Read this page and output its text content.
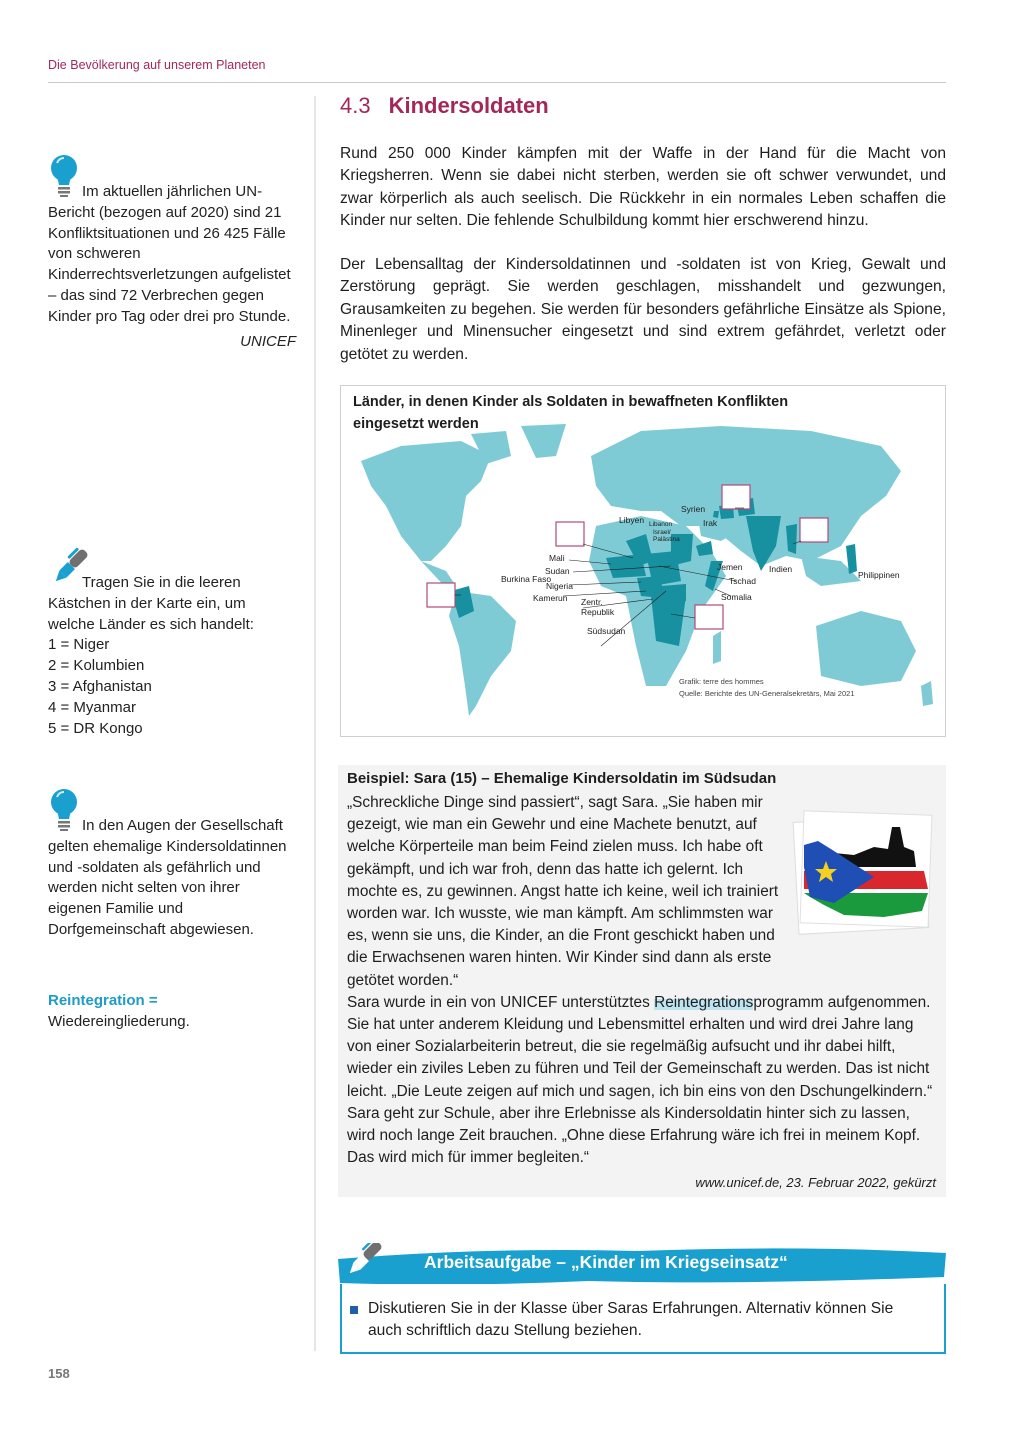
Die Bevölkerung auf unserem Planeten
4.3 Kindersoldaten

Im aktuellen jährlichen UN-Bericht (bezogen auf 2020) sind 21 Konfliktsituationen und 26 425 Fälle von schweren Kinderrechtsverletzungen aufgelistet – das sind 72 Verbrechen gegen Kinder pro Tag oder drei pro Stunde.

UNICEF

Tragen Sie in die leeren Kästchen in der Karte ein, um welche Länder es sich handelt:

1 = Niger

2 = Kolumbien

3 = Afghanistan

4 = Myanmar

5 = DR Kongo

In den Augen der Gesellschaft gelten ehemalige Kindersoldatinnen und -soldaten als gefährlich und werden nicht selten von ihrer eigenen Familie und Dorfgemeinschaft abgewiesen.

Reintegration = Wiedereingliederung.

Rund 250 000 Kinder kämpfen mit der Waffe in der Hand für die Macht von Kriegsherren. Wenn sie dabei nicht sterben, werden sie oft schwer verwundet, und zwar körperlich als auch seelisch. Die Rückkehr in ein normales Leben schaffen die Kinder nur selten. Die fehlende Schulbildung kommt hier erschwerend hinzu.

Der Lebensalltag der Kindersoldatinnen und -soldaten ist von Krieg, Gewalt und Zerstörung geprägt. Sie werden geschlagen, misshandelt und gezwungen, Grausamkeiten zu begehen. Sie werden für besonders gefährliche Einsätze als Spione, Minenleger und Minensucher eingesetzt und sind extrem gefährdet, verletzt oder getötet zu werden.

Syrien
Libyen Libanon
Israel/
Palästina
Irak
Mali
Sudan
Burkina Faso
Nigeria
Kamerun Zentr.
Republik
Südsudan
Jemen
Tschad
Somalia
Indien
Philippinen
Grafik: terre des hommes
Quelle: Berichte des UN-Generalsekretärs, Mai 2021
Länder, in denen Kinder als Soldaten in bewaffneten Konflikten
eingesetzt werden
Beispiel: Sara (15) – Ehemalige Kindersoldatin im Südsudan

„Schreckliche Dinge sind passiert“, sagt Sara. „Sie haben mir gezeigt, wie man ein Gewehr und eine Machete benutzt, auf welche Körperteile man beim Feind zielen muss. Ich habe oft gekämpft, und ich war froh, denn das hatte ich gelernt. Ich mochte es, zu gewinnen. Angst hatte ich keine, weil ich trainiert worden war. Ich wusste, wie man kämpft. Am schlimmsten war es, wenn sie uns, die Kinder, an die Front geschickt haben und die Erwachsenen waren hinten. Wir Kinder sind dann als erste getötet worden.“

Sara wurde in ein von UNICEF unterstütztes Reintegrationsprogramm aufgenommen. Sie hat unter anderem Kleidung und Lebensmittel erhalten und wird drei Jahre lang von einer Sozialarbeiterin betreut, die sie regelmäßig aufsucht und ihr dabei hilft, wieder ein ziviles Leben zu führen und Teil der Gemeinschaft zu werden. Das ist nicht leicht. „Die Leute zeigen auf mich und sagen, ich bin eins von den Dschungelkindern.“ Sara geht zur Schule, aber ihre Erlebnisse als Kindersoldatin hinter sich zu lassen, wird noch lange Zeit brauchen. „Ohne diese Erfahrung wäre ich frei in meinem Kopf. Das wird mich für immer begleiten.“

www.unicef.de, 23. Februar 2022, gekürzt
Arbeitsaufgabe – „Kinder im Kriegseinsatz“
Diskutieren Sie in der Klasse über Saras Erfahrungen. Alternativ können Sie auch schriftlich dazu Stellung beziehen.
158
